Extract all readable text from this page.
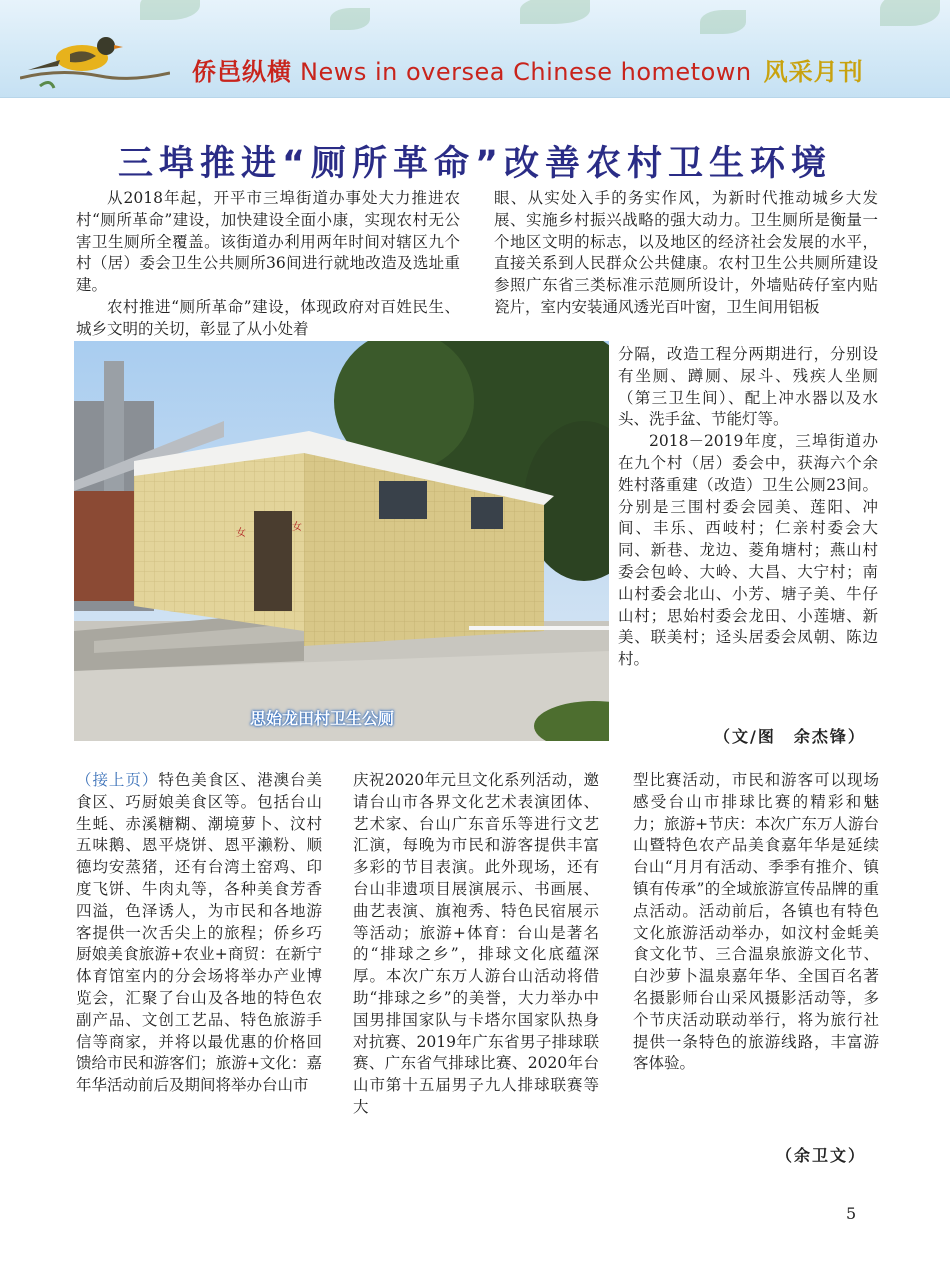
侨邑纵横 News in oversea Chinese hometown 风采月刊
三埠推进“厕所革命”改善农村卫生环境

从2018年起，开平市三埠街道办事处大力推进农村“厕所革命”建设，加快建设全面小康，实现农村无公害卫生厕所全覆盖。该街道办利用两年时间对辖区九个村（居）委会卫生公共厕所36间进行就地改造及选址重建。

农村推进“厕所革命”建设，体现政府对百姓民生、城乡文明的关切，彰显了从小处着

眼、从实处入手的务实作风，为新时代推动城乡大发展、实施乡村振兴战略的强大动力。卫生厕所是衡量一个地区文明的标志，以及地区的经济社会发展的水平，直接关系到人民群众公共健康。农村卫生公共厕所建设参照广东省三类标准示范厕所设计，外墙贴砖仔室内贴瓷片，室内安装通风透光百叶窗，卫生间用铝板

分隔，改造工程分两期进行，分别设有坐厕、蹲厕、尿斗、残疾人坐厕（第三卫生间）、配上冲水器以及水头、洗手盆、节能灯等。

2018－2019年度，三埠街道办在九个村（居）委会中，获海六个余姓村落重建（改造）卫生公厕23间。分别是三围村委会园美、莲阳、冲间、丰乐、西岐村；仁亲村委会大同、新巷、龙边、菱角塘村；燕山村委会包岭、大岭、大昌、大宁村；南山村委会北山、小芳、塘子美、牛仔山村；思始村委会龙田、小莲塘、新美、联美村；迳头居委会凤朝、陈边村。

女
女
思始龙田村卫生公厕
（文/图　余杰锋）
（接上页）特色美食区、港澳台美食区、巧厨娘美食区等。包括台山生蚝、赤溪糖糊、潮境萝卜、汶村五味鹅、恩平烧饼、恩平濑粉、顺德均安蒸猪，还有台湾土窑鸡、印度飞饼、牛肉丸等，各种美食芳香四溢，色泽诱人，为市民和各地游客提供一次舌尖上的旅程；侨乡巧厨娘美食旅游+农业+商贸：在新宁体育馆室内的分会场将举办产业博览会，汇聚了台山及各地的特色农副产品、文创工艺品、特色旅游手信等商家，并将以最优惠的价格回馈给市民和游客们；旅游+文化：嘉年华活动前后及期间将举办台山市
庆祝2020年元旦文化系列活动，邀请台山市各界文化艺术表演团体、艺术家、台山广东音乐等进行文艺汇演，每晚为市民和游客提供丰富多彩的节目表演。此外现场，还有台山非遗项目展演展示、书画展、曲艺表演、旗袍秀、特色民宿展示等活动；旅游+体育：台山是著名的“排球之乡”，排球文化底蕴深厚。本次广东万人游台山活动将借助“排球之乡”的美誉，大力举办中国男排国家队与卡塔尔国家队热身对抗赛、2019年广东省男子排球联赛、广东省气排球比赛、2020年台山市第十五届男子九人排球联赛等大
型比赛活动，市民和游客可以现场感受台山市排球比赛的精彩和魅力；旅游+节庆：本次广东万人游台山暨特色农产品美食嘉年华是延续台山“月月有活动、季季有推介、镇镇有传承”的全域旅游宣传品牌的重点活动。活动前后，各镇也有特色文化旅游活动举办，如汶村金蚝美食文化节、三合温泉旅游文化节、白沙萝卜温泉嘉年华、全国百名著名摄影师台山采风摄影活动等，多个节庆活动联动举行，将为旅行社提供一条特色的旅游线路，丰富游客体验。
（余卫文）
5
